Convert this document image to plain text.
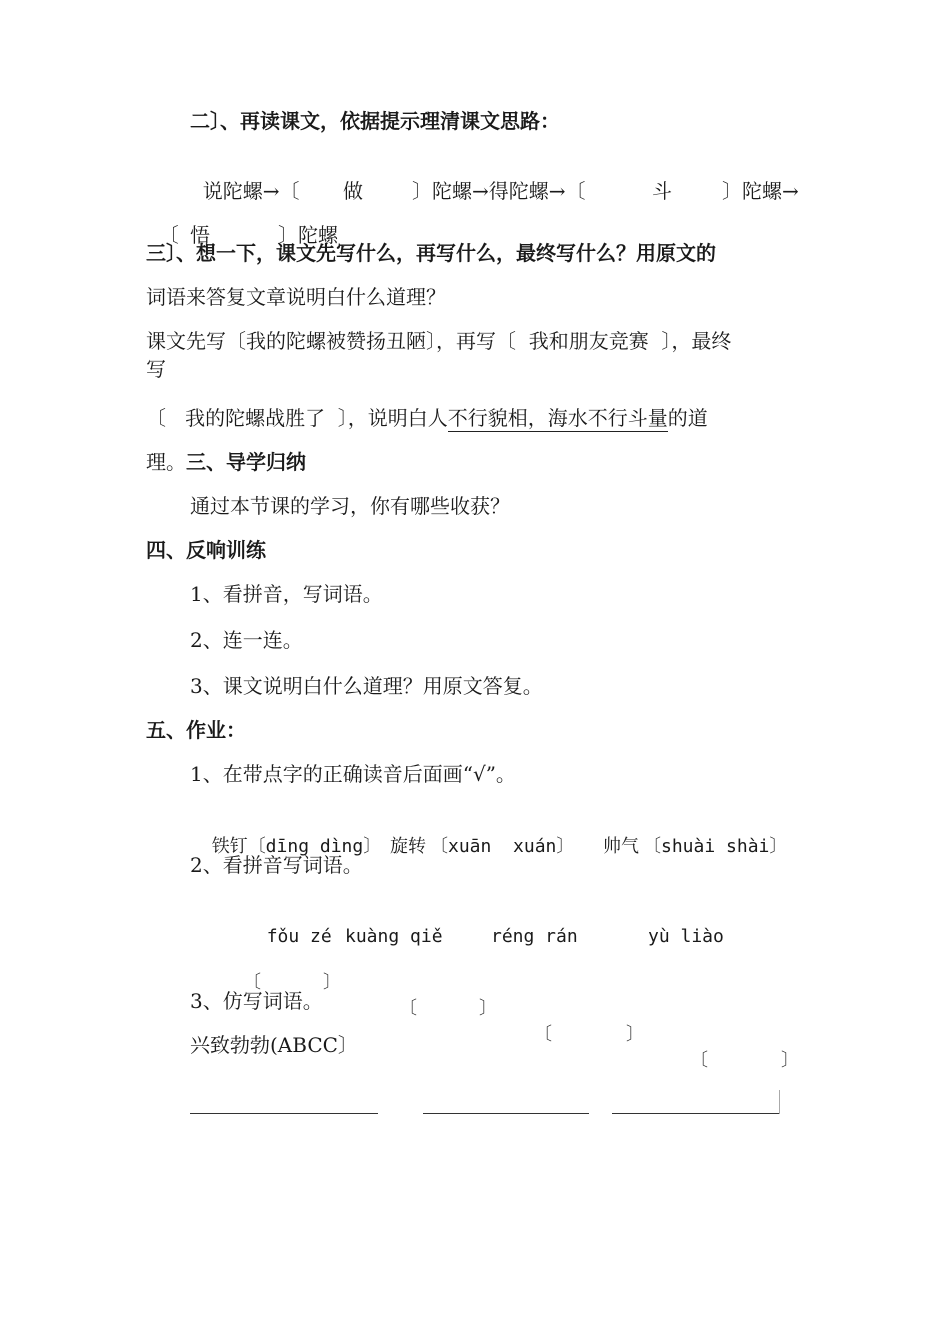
二〕、再读课文，依据提示理清课文思路：

说陀螺→〔 做 〕陀螺→得陀螺→〔	斗	〕陀螺→

〔 悟	〕陀螺

三〕、想一下，课文先写什么，再写什么，最终写什么？用原文的
词语来答复文章说明白什么道理？
课文先写〔我的陀螺被赞扬丑陋〕，再写〔  我和朋友竞赛  〕，最终
写
〔   我的陀螺战胜了  〕，说明白人不行貌相，海水不行斗量的道
理。三、导学归纳
通过本节课的学习，你有哪些收获？
四、反响训练
1、看拼音，写词语。
2、连一连。
3、课文说明白什么道理？用原文答复。
五、作业：
1、在带点字的正确读音后面画“√”。

铁钉〔dīng dìng〕 旋转 〔xuān  xuán〕 帅气 〔shuài shài〕

2、看拼音写词语。

fǒu zé kuàng qiě	réng rán	yù liào

〔	〕

〔	〕

〔	〕

〔	〕

3、仿写词语。
兴致勃勃(ABCC〕
